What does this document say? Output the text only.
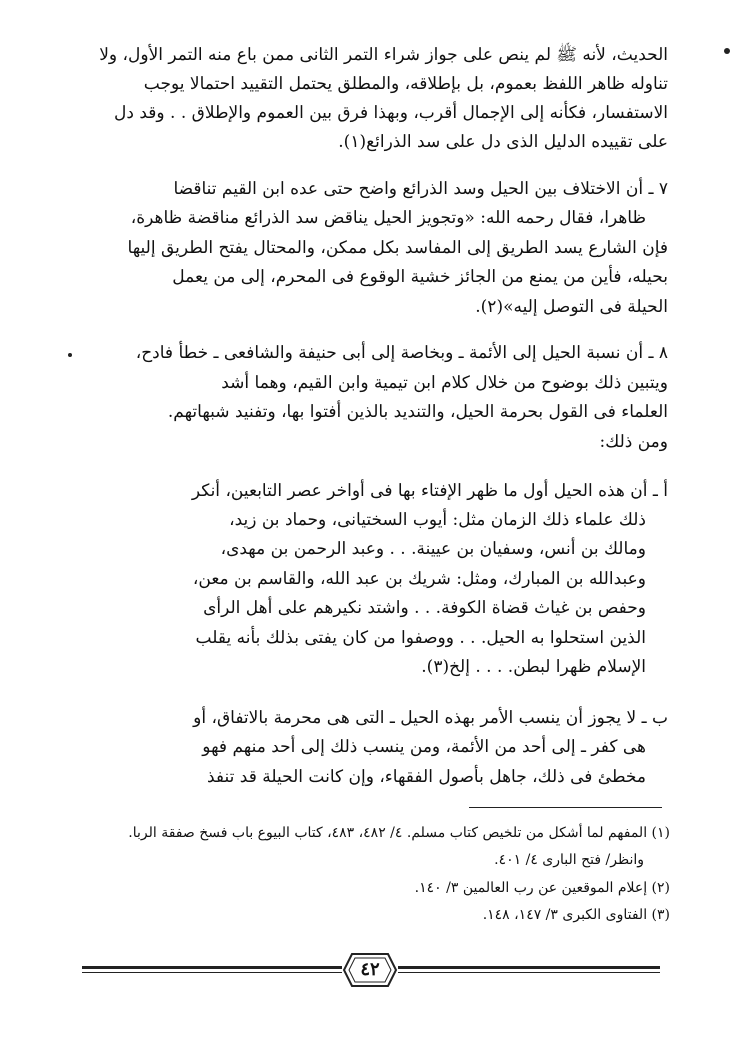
الحديث، لأنه ﷺ لم ينص على جواز شراء التمر الثانى ممن باع منه التمر الأول، ولا
تناوله ظاهر اللفظ بعموم، بل بإطلاقه، والمطلق يحتمل التقييد احتمالا يوجب
الاستفسار، فكأنه إلى الإجمال أقرب، وبهذا فرق بين العموم والإطلاق . . وقد دل
على تقييده الدليل الذى دل على سد الذرائع(١).
٧ ـ أن الاختلاف بين الحيل وسد الذرائع واضح حتى عده ابن القيم تناقضا
ظاهرا، فقال رحمه الله: «وتجويز الحيل يناقض سد الذرائع مناقضة ظاهرة،
فإن الشارع يسد الطريق إلى المفاسد بكل ممكن، والمحتال يفتح الطريق إليها
بحيله، فأين من يمنع من الجائز خشية الوقوع فى المحرم، إلى من يعمل
الحيلة فى التوصل إليه»(٢).
٨ ـ أن نسبة الحيل إلى الأئمة ـ وبخاصة إلى أبى حنيفة والشافعى ـ خطأ فادح،
ويتبين ذلك بوضوح من خلال كلام ابن تيمية وابن القيم، وهما أشد
العلماء فى القول بحرمة الحيل، والتنديد بالذين أفتوا بها، وتفنيد شبهاتهم.
ومن ذلك:
أ ـ أن هذه الحيل أول ما ظهر الإفتاء بها فى أواخر عصر التابعين، أنكر
ذلك علماء ذلك الزمان مثل: أيوب السختيانى، وحماد بن زيد،
ومالك بن أنس، وسفيان بن عيينة. . . وعبد الرحمن بن مهدى،
وعبدالله بن المبارك، ومثل: شريك بن عبد الله، والقاسم بن معن،
وحفص بن غياث قضاة الكوفة. . . واشتد نكيرهم على أهل الرأى
الذين استحلوا به الحيل. . . ووصفوا من كان يفتى بذلك بأنه يقلب
الإسلام ظهرا لبطن. . . . إلخ(٣).
ب ـ لا يجوز أن ينسب الأمر بهذه الحيل ـ التى هى محرمة بالاتفاق، أو
هى كفر ـ إلى أحد من الأئمة، ومن ينسب ذلك إلى أحد منهم فهو
مخطئ فى ذلك، جاهل بأصول الفقهاء، وإن كانت الحيلة قد تنفذ
(١) المفهم لما أشكل من تلخيص كتاب مسلم. ٤/ ٤٨٢، ٤٨٣، كتاب البيوع باب فسخ صفقة الربا.
وانظر/ فتح البارى ٤/ ٤٠١.
(٢) إعلام الموقعين عن رب العالمين ٣/ ١٤٠.
(٣) الفتاوى الكبرى ٣/ ١٤٧، ١٤٨.
٤٢
